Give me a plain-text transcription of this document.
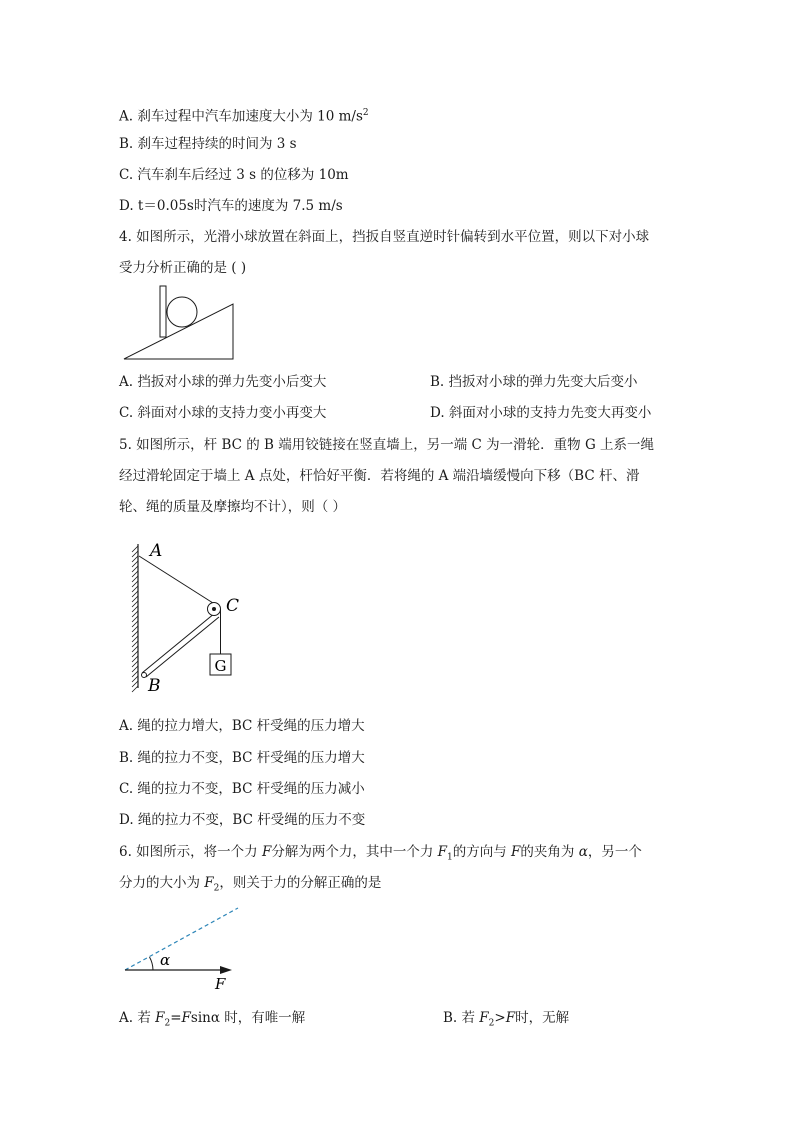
A. 刹车过程中汽车加速度大小为 10 $m/s^2$
B. 刹车过程持续的时间为 3 s
C. 汽车刹车后经过 3 s 的位移为 10m
D. t＝0.05s时汽车的速度为 7.5 m/s
4. 如图所示，光滑小球放置在斜面上，挡扳自竖直逆时针偏转到水平位置，则以下对小球
受力分析正确的是 ( )
A. 挡扳对小球的弹力先变小后变大	B. 挡扳对小球的弹力先变大后变小
C. 斜面对小球的支持力变小再变大	D. 斜面对小球的支持力先变大再变小
5. 如图所示，杆 BC 的 B 端用铰链接在竖直墙上，另一端 C 为一滑轮．重物 G 上系一绳
经过滑轮固定于墙上 A 点处，杆恰好平衡．若将绳的 A 端沿墙缓慢向下移（BC 杆、滑
轮、绳的质量及摩擦均不计），则（ ）
G
A
C
B
A. 绳的拉力增大，BC 杆受绳的压力增大
B. 绳的拉力不变，BC 杆受绳的压力增大
C. 绳的拉力不变，BC 杆受绳的压力减小
D. 绳的拉力不变，BC 杆受绳的压力不变
6. 如图所示，将一个力 F分解为两个力，其中一个力 $F_1$的方向与 F的夹角为 α，另一个
分力的大小为 $F_2$，则关于力的分解正确的是
α
F
A. 若 $F_2=Fsin\alpha$ 时，有唯一解	B. 若 $F_2>F$时，无解
